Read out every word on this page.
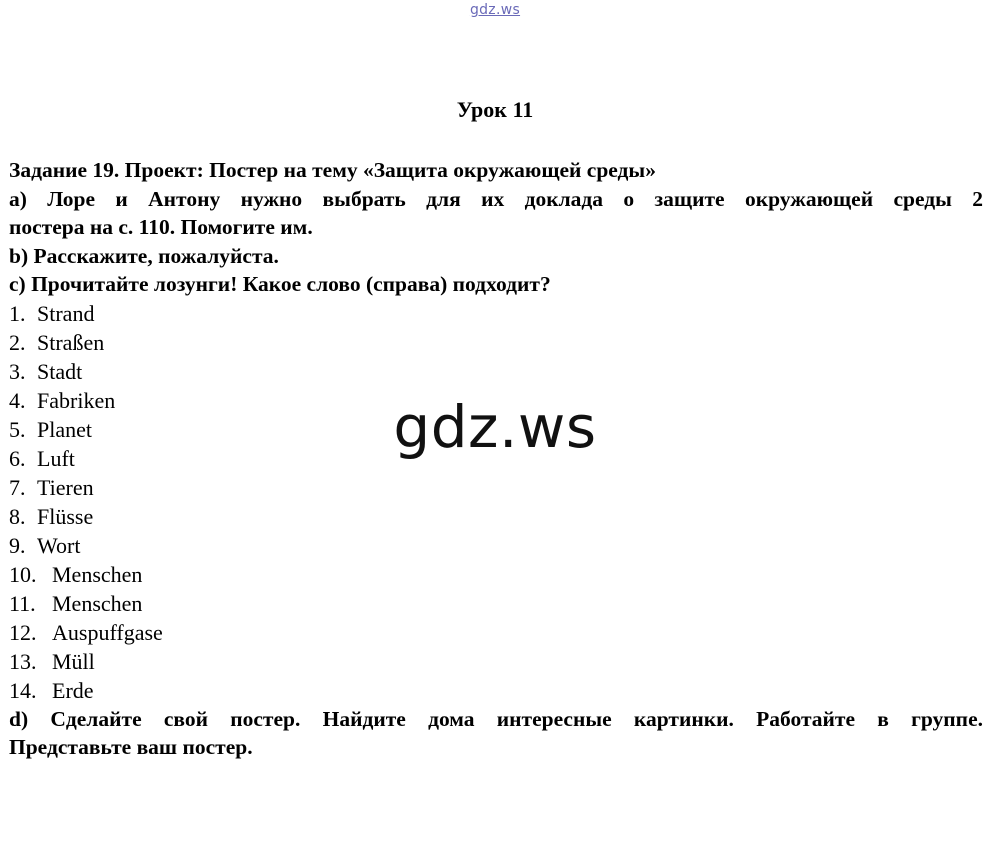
gdz.ws
Урок 11
Задание 19. Проект: Постер на тему «Защита окружающей среды»
a) Лоре и Антону нужно выбрать для их доклада о защите окружающей среды 2
постера на с. 110. Помогите им.
b) Расскажите, пожалуйста.
c) Прочитайте лозунги! Какое слово (справа) подходит?
1. Strand
2. Straßen
3. Stadt
4. Fabriken
5. Planet
6. Luft
7. Tieren
8. Flüsse
9. Wort
10. Menschen
11. Menschen
12. Auspuffgase
13. Müll
14. Erde
d) Сделайте свой постер. Найдите дома интересные картинки. Работайте в группе.
Представьте ваш постер.
gdz.ws
